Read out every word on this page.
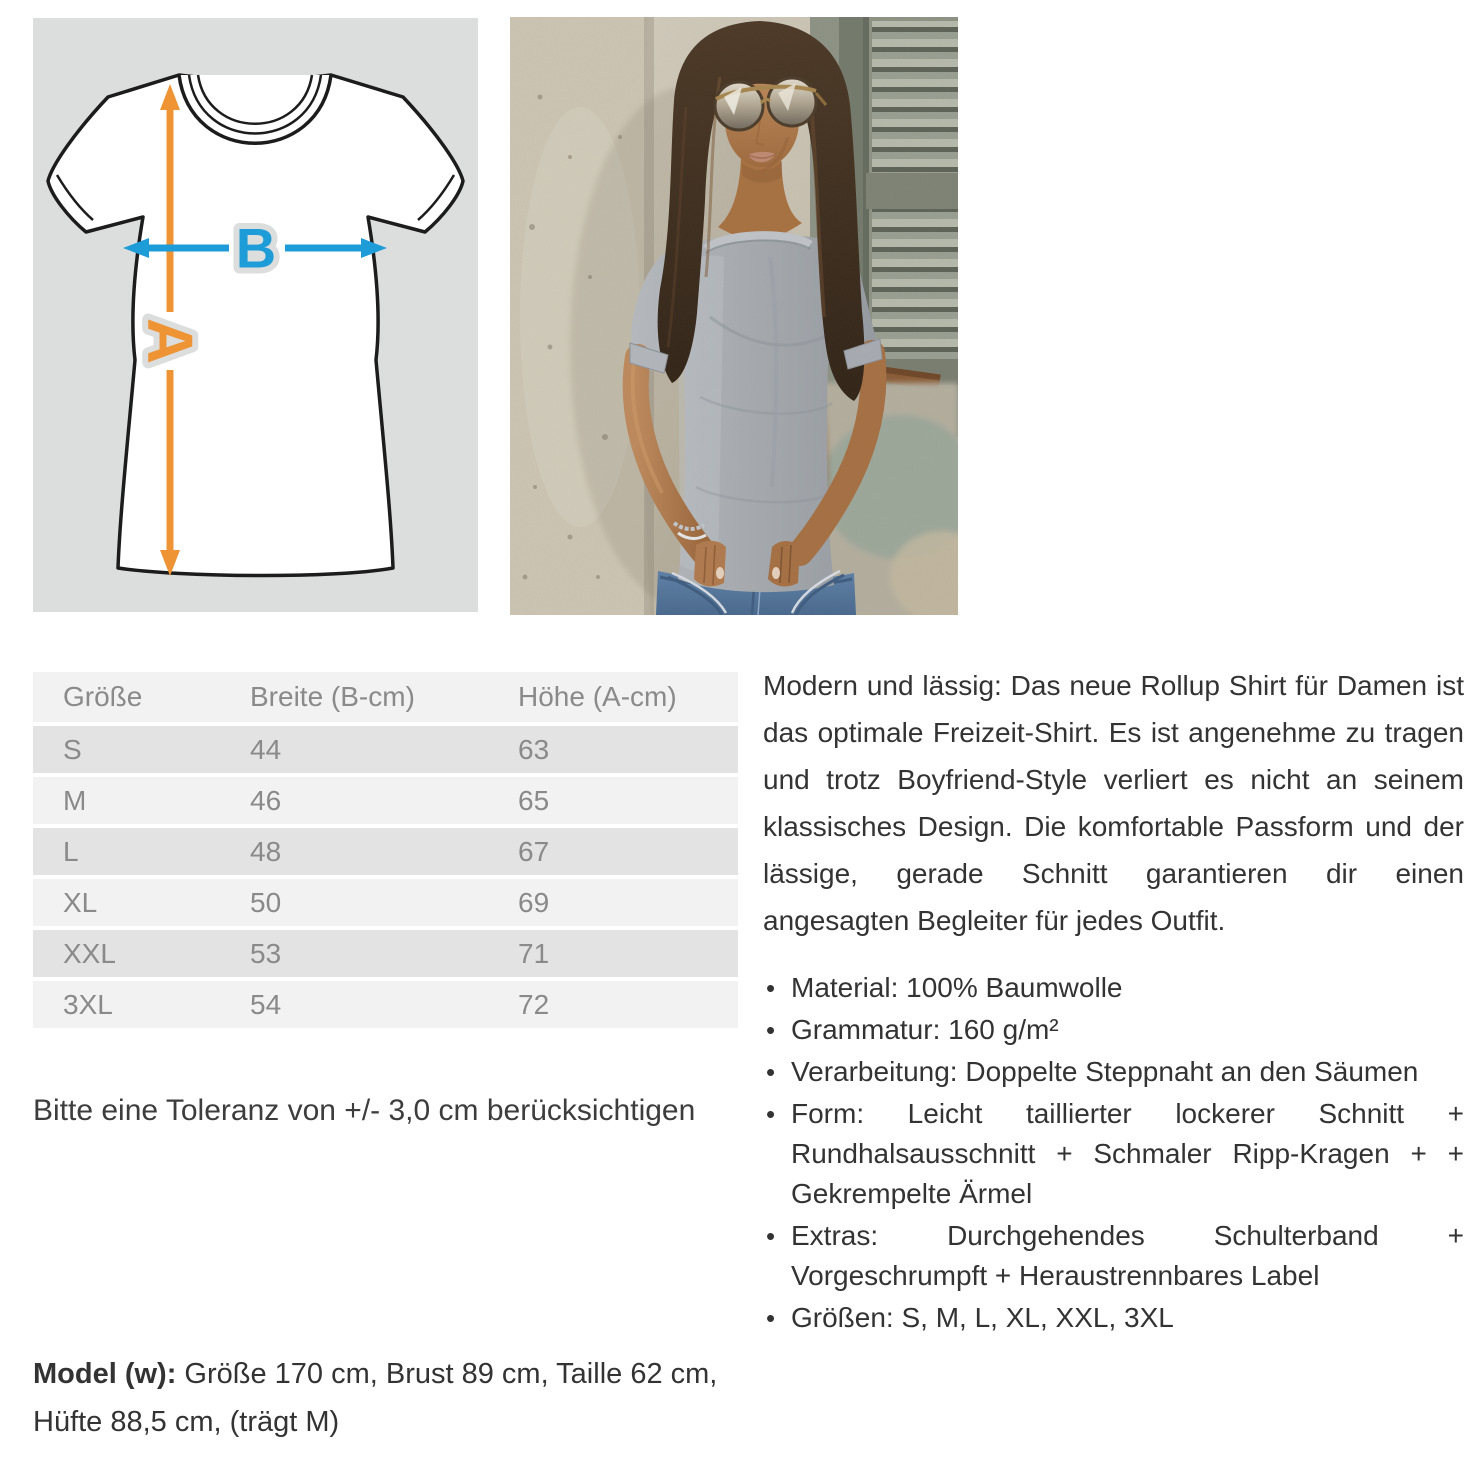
A
B
Größe	Breite (B-cm)	Höhe (A-cm)
S	44	63
M	46	65
L	48	67
XL	50	69
XXL	53	71
3XL	54	72
Bitte eine Toleranz von +/- 3,0 cm berücksichtigen

Modern und lässig: Das neue Rollup Shirt für Damen ist das optimale Freizeit-Shirt. Es ist angenehme zu tragen und trotz Boyfriend-Style verliert es nicht an seinem klassisches Design. Die komfortable Passform und der lässige, gerade Schnitt garantieren dir einen angesagten Begleiter für jedes Outfit.

• Material: 100% Baumwolle
• Grammatur: 160 g/m²
• Verarbeitung: Doppelte Steppnaht an den Säumen
• Form: Leicht taillierter lockerer Schnitt + Rundhalsausschnitt + Schmaler Ripp-Kragen + + Gekrempelte Ärmel
• Extras: Durchgehendes Schulterband + Vorgeschrumpft + Heraustrennbares Label
• Größen: S, M, L, XL, XXL, 3XL
Model (w): Größe 170 cm, Brust 89 cm, Taille 62 cm, Hüfte 88,5 cm, (trägt M)
